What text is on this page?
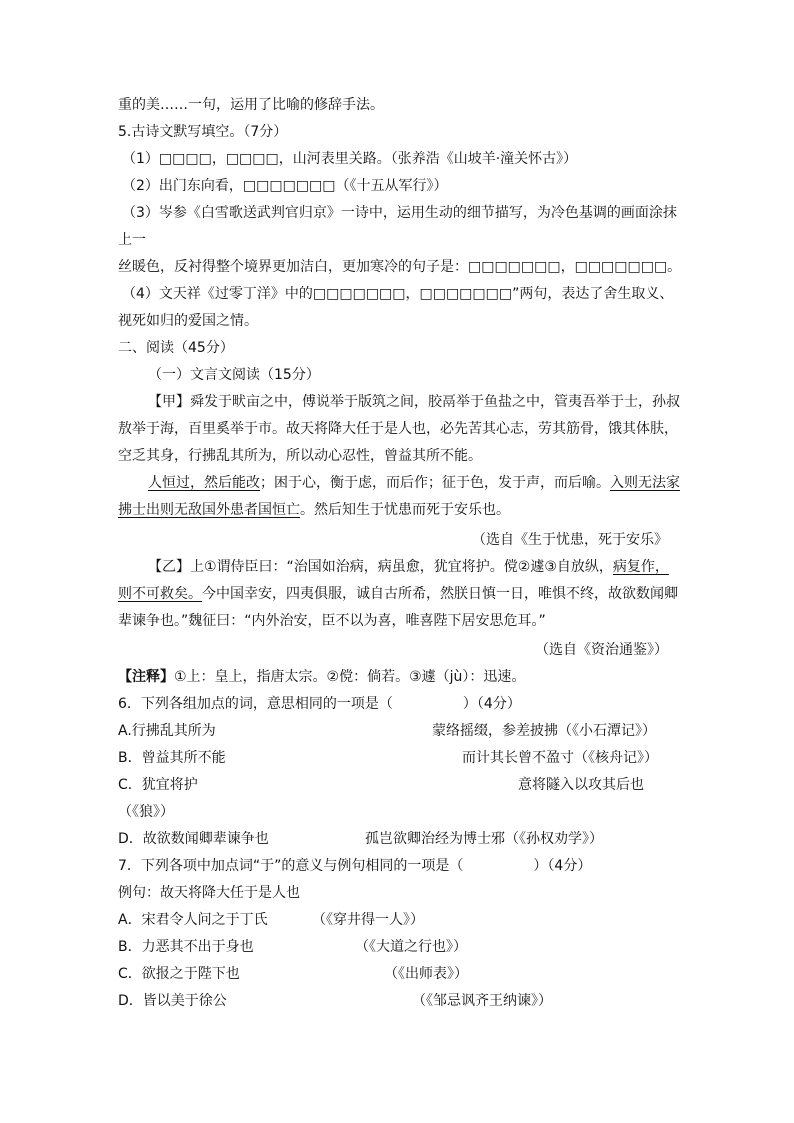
重的美……一句，运用了比喻的修辞手法。
5.古诗文默写填空。（7分）
（1）□□□□，□□□□，山河表里关路。（张养浩《山坡羊·潼关怀古》）
（2）出门东向看，□□□□□□□（《十五从军行》）
（3）岑参《白雪歌送武判官归京》一诗中，运用生动的细节描写，为冷色基调的画面涂抹
上一
丝暖色，反衬得整个境界更加洁白，更加寒冷的句子是：□□□□□□□，□□□□□□□。
（4）文天祥《过零丁洋》中的□□□□□□□，□□□□□□□”两句，表达了舍生取义、
视死如归的爱国之情。
二、阅读（45分）
（一）文言文阅读（15分）
【甲】舜发于畎亩之中，傅说举于版筑之间，胶鬲举于鱼盐之中，管夷吾举于士，孙叔
敖举于海，百里奚举于市。故天将降大任于是人也，必先苦其心志，劳其筋骨，饿其体肤，
空乏其身，行拂乱其所为，所以动心忍性，曾益其所不能。
人恒过，然后能改；困于心，衡于虑，而后作；征于色，发于声，而后喻。入则无法家
拂士出则无敌国外患者国恒亡。然后知生于忧患而死于安乐也。
（选自《生于忧患，死于安乐》
【乙】上①谓侍臣曰：“治国如治病，病虽愈，犹宜将护。傥②遽③自放纵，病复作，
则不可救矣。今中国幸安，四夷俱服，诚自古所希，然朕日慎一日，唯惧不终，故欲数闻卿
辈谏争也。”魏征曰：“内外治安，臣不以为喜，唯喜陛下居安思危耳。”
（选自《资治通鉴》）
【注释】①上：皇上，指唐太宗。②傥：倘若。③遽（jù）：迅速。
6．下列各组加点的词，意思相同的一项是（　　　　　）（4分）
A.行拂乱其所为	蒙络摇缀，参差披拂（《小石潭记》）
B．曾益其所不能	而计其长曾不盈寸（《核舟记》）
C．犹宜将护	意将隧入以攻其后也
（《狼》）
D．故欲数闻卿辈谏争也	孤岂欲卿治经为博士邪（《孙权劝学》）
7．下列各项中加点词“于”的意义与例句相同的一项是（　　　　　）（4分）
例句：故天将降大任于是人也
A．宋君令人问之于丁氏	（《穿井得一人》）
B．力恶其不出于身也	（《大道之行也》）
C．欲报之于陛下也	（《出师表》）
D．皆以美于徐公	（《邹忌讽齐王纳谏》）
